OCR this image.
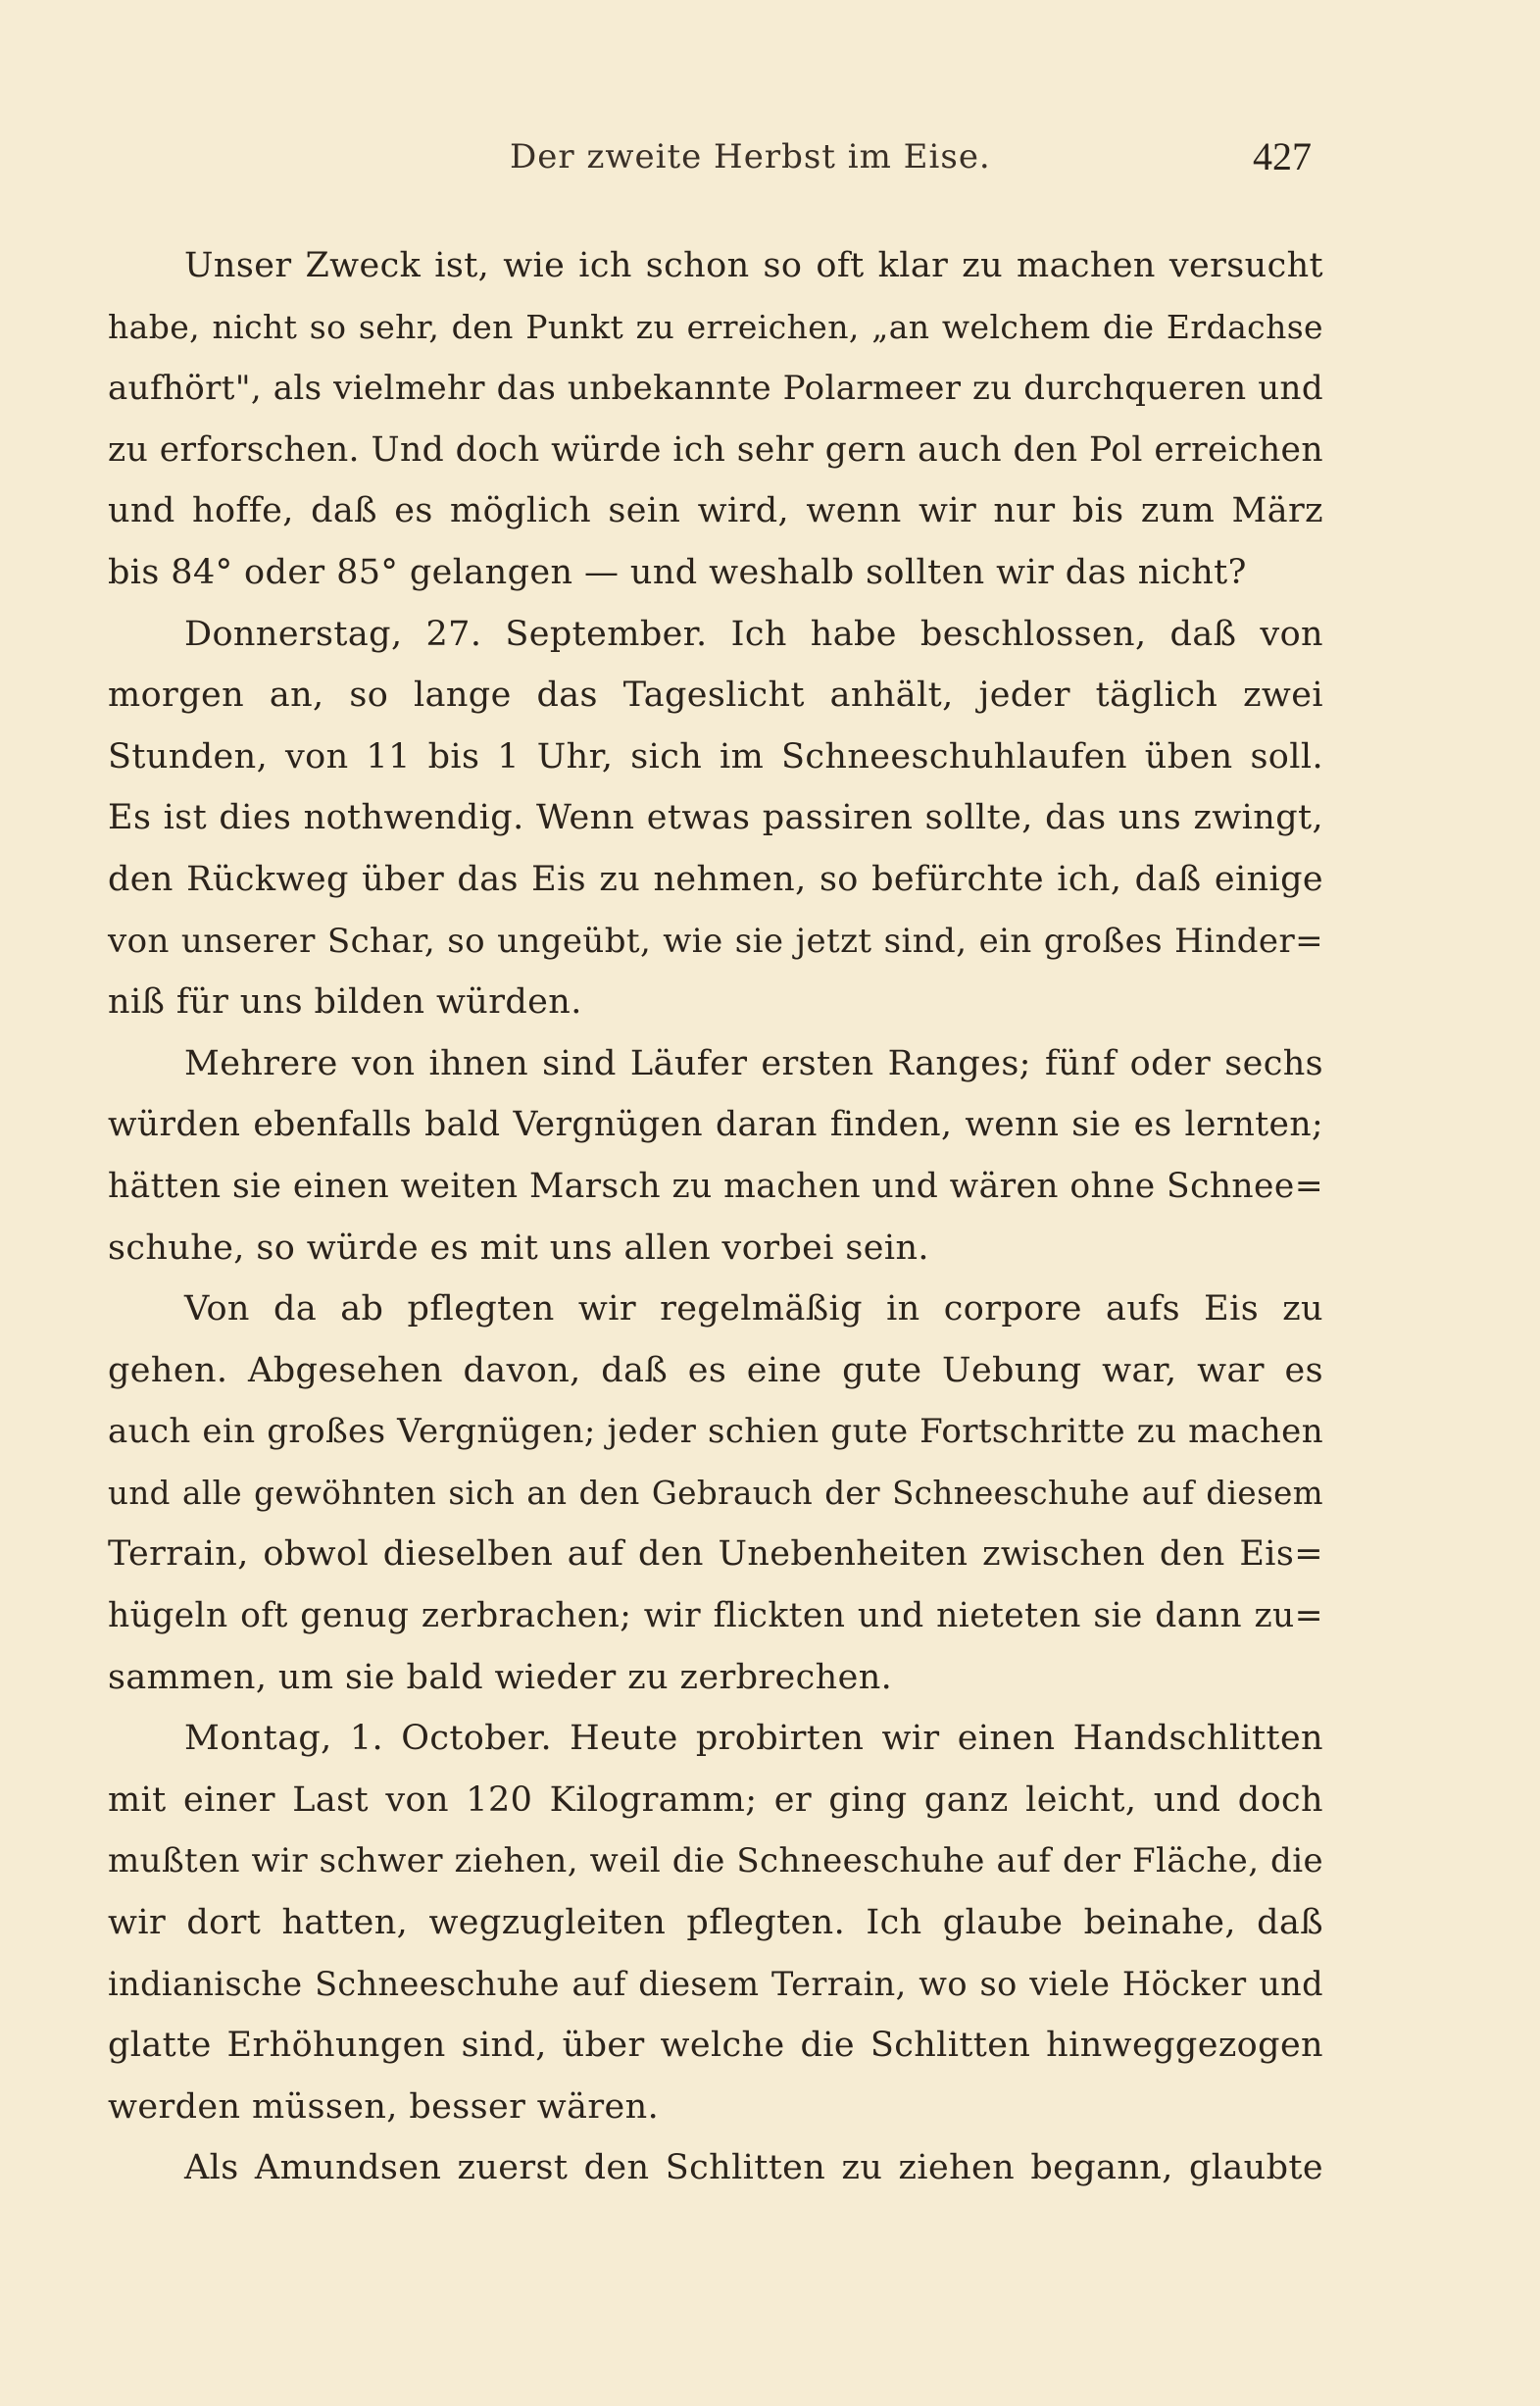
Der zweite Herbst im Eise.	427
Unser Zweck ist, wie ich schon so oft klar zu machen versucht
habe, nicht so sehr, den Punkt zu erreichen, „an welchem die Erdachse
aufhört", als vielmehr das unbekannte Polarmeer zu durchqueren und
zu erforschen. Und doch würde ich sehr gern auch den Pol erreichen
und hoffe, daß es möglich sein wird, wenn wir nur bis zum März
bis 84° oder 85° gelangen — und weshalb sollten wir das nicht?
Donnerstag, 27. September. Ich habe beschlossen, daß von
morgen an, so lange das Tageslicht anhält, jeder täglich zwei
Stunden, von 11 bis 1 Uhr, sich im Schneeschuhlaufen üben soll.
Es ist dies nothwendig. Wenn etwas passiren sollte, das uns zwingt,
den Rückweg über das Eis zu nehmen, so befürchte ich, daß einige
von unserer Schar, so ungeübt, wie sie jetzt sind, ein großes Hinder=
niß für uns bilden würden.
Mehrere von ihnen sind Läufer ersten Ranges; fünf oder sechs
würden ebenfalls bald Vergnügen daran finden, wenn sie es lernten;
hätten sie einen weiten Marsch zu machen und wären ohne Schnee=
schuhe, so würde es mit uns allen vorbei sein.
Von da ab pflegten wir regelmäßig in corpore aufs Eis zu
gehen. Abgesehen davon, daß es eine gute Uebung war, war es
auch ein großes Vergnügen; jeder schien gute Fortschritte zu machen
und alle gewöhnten sich an den Gebrauch der Schneeschuhe auf diesem
Terrain, obwol dieselben auf den Unebenheiten zwischen den Eis=
hügeln oft genug zerbrachen; wir flickten und nieteten sie dann zu=
sammen, um sie bald wieder zu zerbrechen.
Montag, 1. October. Heute probirten wir einen Handschlitten
mit einer Last von 120 Kilogramm; er ging ganz leicht, und doch
mußten wir schwer ziehen, weil die Schneeschuhe auf der Fläche, die
wir dort hatten, wegzugleiten pflegten. Ich glaube beinahe, daß
indianische Schneeschuhe auf diesem Terrain, wo so viele Höcker und
glatte Erhöhungen sind, über welche die Schlitten hinweggezogen
werden müssen, besser wären.
Als Amundsen zuerst den Schlitten zu ziehen begann, glaubte
